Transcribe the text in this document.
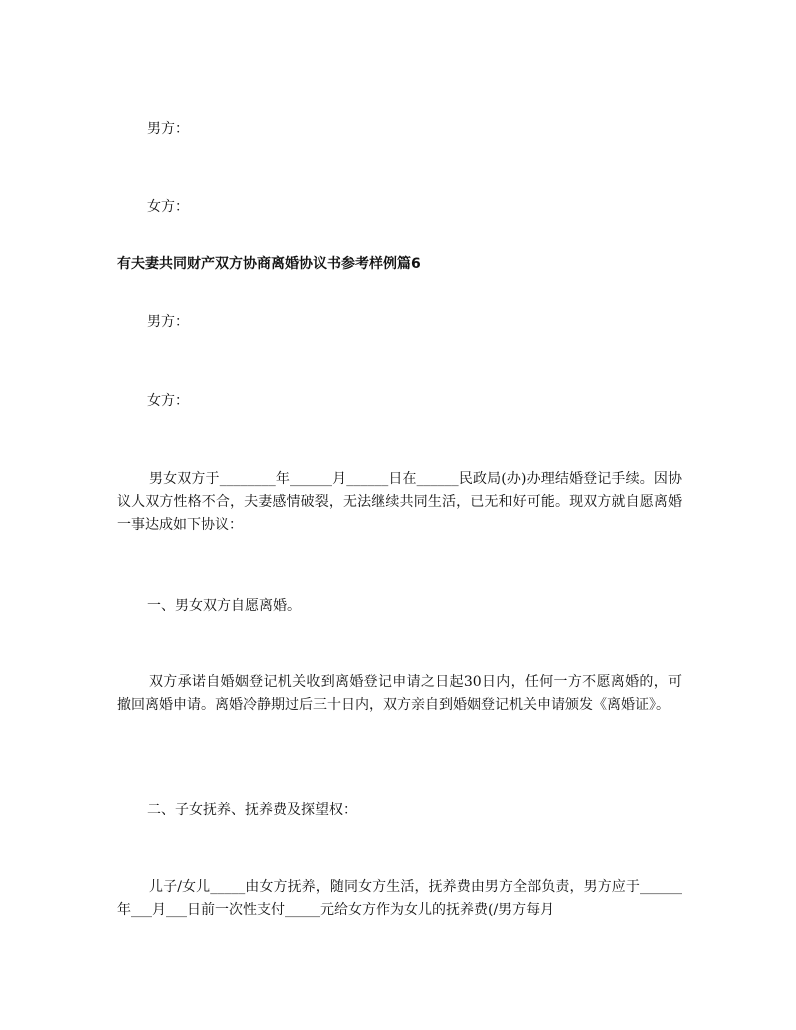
男方：
女方：
有夫妻共同财产双方协商离婚协议书参考样例篇6
男方：
女方：
男女双方于________年______月______日在______民政局(办)办理结婚登记手续。因协议人双方性格不合，夫妻感情破裂，无法继续共同生活，已无和好可能。现双方就自愿离婚一事达成如下协议：
一、男女双方自愿离婚。
双方承诺自婚姻登记机关收到离婚登记申请之日起30日内，任何一方不愿离婚的，可撤回离婚申请。离婚冷静期过后三十日内，双方亲自到婚姻登记机关申请颁发《离婚证》。
二、子女抚养、抚养费及探望权：
儿子/女儿_____由女方抚养，随同女方生活，抚养费由男方全部负责，男方应于______年___月___日前一次性支付_____元给女方作为女儿的抚养费(/男方每月
